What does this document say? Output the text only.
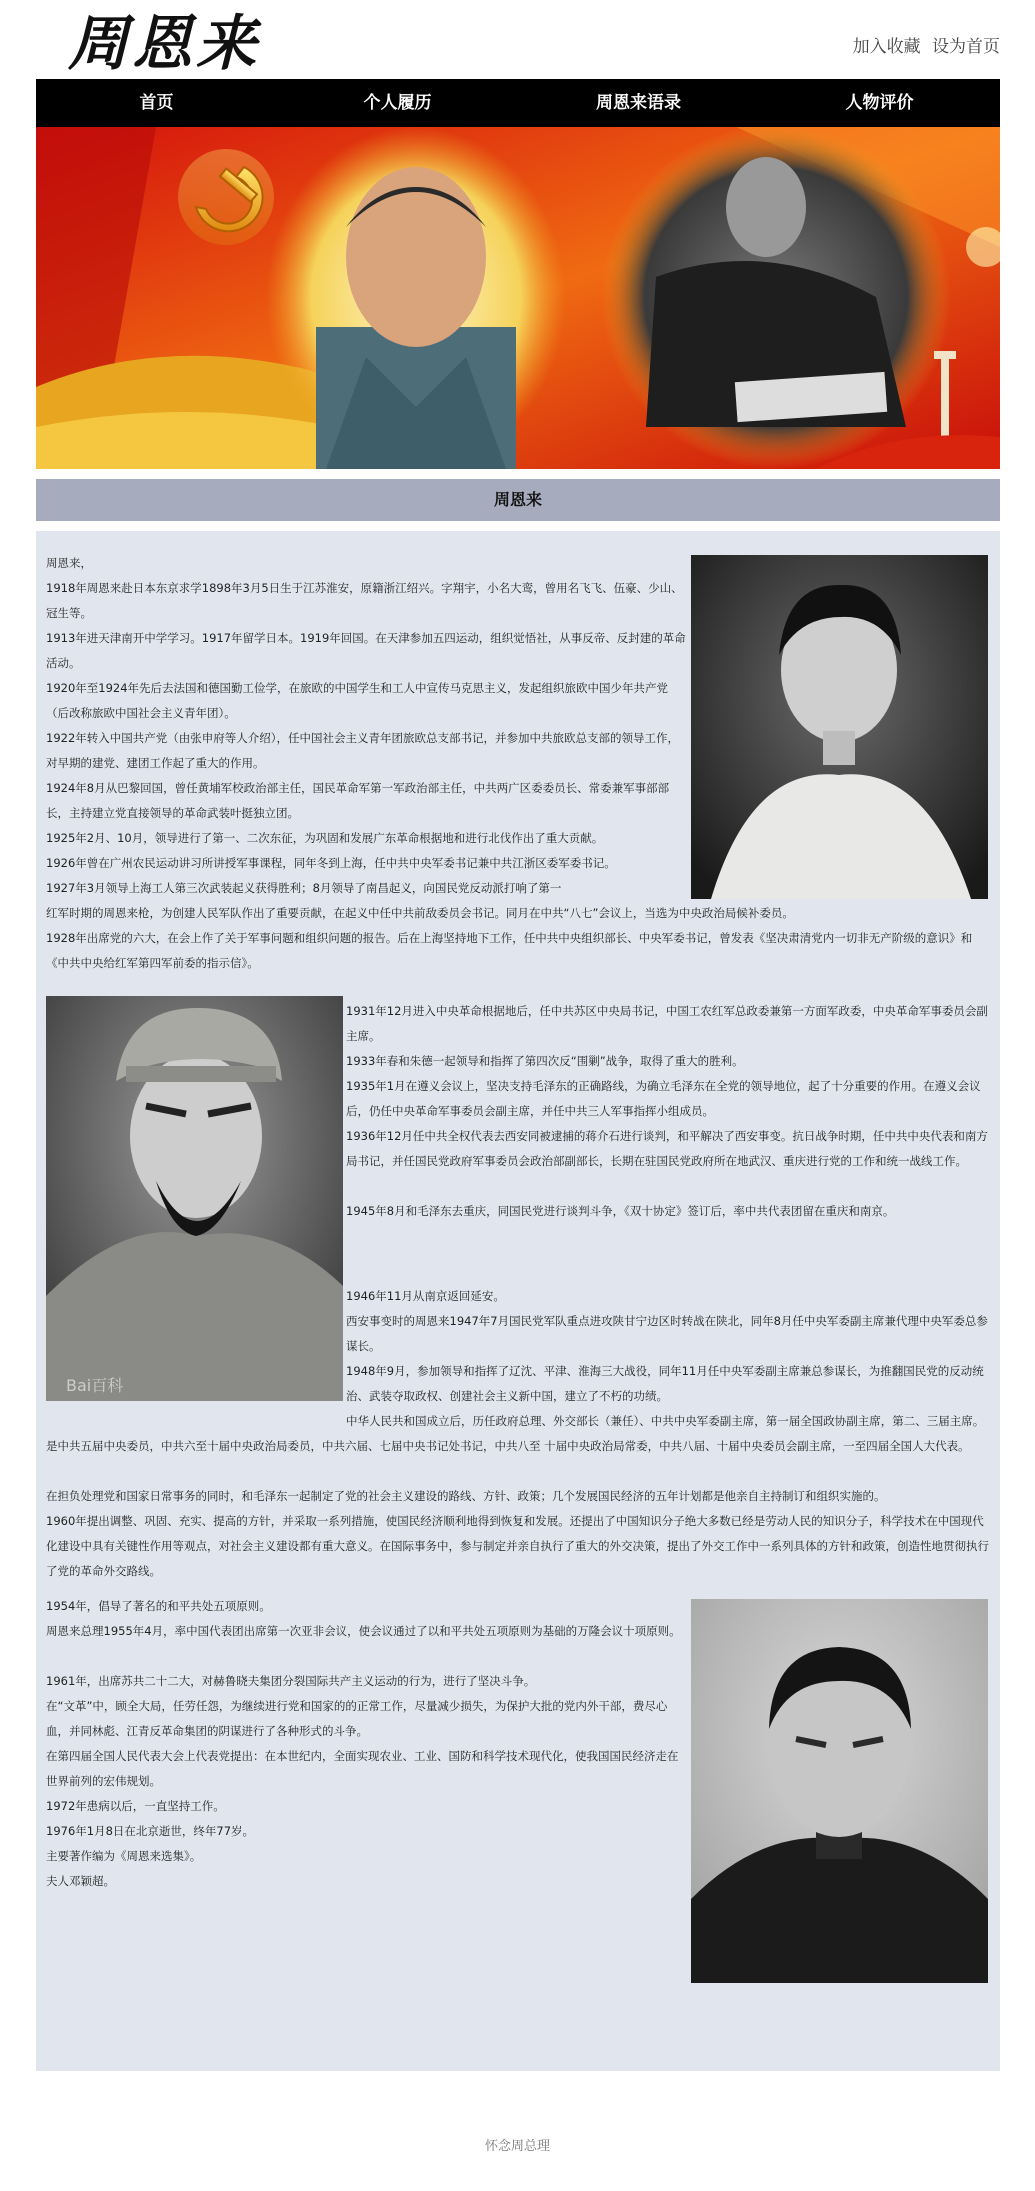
周恩来	加入收藏 设为首页
首页	个人履历	周恩来语录	人物评价
周恩来

周恩来，

1918年周恩来赴日本东京求学1898年3月5日生于江苏淮安，原籍浙江绍兴。字翔宇，小名大鸾，曾用名飞飞、伍豪、少山、冠生等。

1913年进天津南开中学学习。1917年留学日本。1919年回国。在天津参加五四运动，组织觉悟社，从事反帝、反封建的革命活动。

1920年至1924年先后去法国和德国勤工俭学，在旅欧的中国学生和工人中宣传马克思主义，发起组织旅欧中国少年共产党（后改称旅欧中国社会主义青年团）。

1922年转入中国共产党（由张申府等人介绍），任中国社会主义青年团旅欧总支部书记，并参加中共旅欧总支部的领导工作，对早期的建党、建团工作起了重大的作用。

1924年8月从巴黎回国，曾任黄埔军校政治部主任，国民革命军第一军政治部主任，中共两广区委委员长、常委兼军事部部长，主持建立党直接领导的革命武装叶挺独立团。

1925年2月、10月，领导进行了第一、二次东征，为巩固和发展广东革命根据地和进行北伐作出了重大贡献。

1926年曾在广州农民运动讲习所讲授军事课程，同年冬到上海，任中共中央军委书记兼中共江浙区委军委书记。

1927年3月领导上海工人第三次武装起义获得胜利；8月领导了南昌起义，向国民党反动派打响了第一

红军时期的周恩来枪，为创建人民军队作出了重要贡献，在起义中任中共前敌委员会书记。同月在中共“八七”会议上，当选为中央政治局候补委员。

1928年出席党的六大，在会上作了关于军事问题和组织问题的报告。后在上海坚持地下工作，任中共中央组织部长、中央军委书记，曾发表《坚决肃清党内一切非无产阶级的意识》和《中共中央给红军第四军前委的指示信》。

Bai百科

1931年12月进入中央革命根据地后，任中共苏区中央局书记，中国工农红军总政委兼第一方面军政委，中央革命军事委员会副主席。

1933年春和朱德一起领导和指挥了第四次反“围剿”战争，取得了重大的胜利。

1935年1月在遵义会议上，坚决支持毛泽东的正确路线，为确立毛泽东在全党的领导地位，起了十分重要的作用。在遵义会议后，仍任中央革命军事委员会副主席，并任中共三人军事指挥小组成员。

1936年12月任中共全权代表去西安同被逮捕的蒋介石进行谈判，和平解决了西安事变。抗日战争时期，任中共中央代表和南方局书记，并任国民党政府军事委员会政治部副部长，长期在驻国民党政府所在地武汉、重庆进行党的工作和统一战线工作。

1945年8月和毛泽东去重庆，同国民党进行谈判斗争，《双十协定》签订后，率中共代表团留在重庆和南京。

1946年11月从南京返回延安。

西安事变时的周恩来1947年7月国民党军队重点进攻陕甘宁边区时转战在陕北，同年8月任中央军委副主席兼代理中央军委总参谋长。

1948年9月，参加领导和指挥了辽沈、平津、淮海三大战役，同年11月任中央军委副主席兼总参谋长，为推翻国民党的反动统治、武装夺取政权、创建社会主义新中国，建立了不朽的功绩。

中华人民共和国成立后，历任政府总理、外交部长（兼任）、中共中央军委副主席，第一届全国政协副主席，第二、三届主席。是中共五届中央委员，中共六至十届中央政治局委员，中共六届、七届中央书记处书记，中共八至 十届中央政治局常委，中共八届、十届中央委员会副主席，一至四届全国人大代表。

在担负处理党和国家日常事务的同时，和毛泽东一起制定了党的社会主义建设的路线、方针、政策；几个发展国民经济的五年计划都是他亲自主持制订和组织实施的。

1960年提出调整、巩固、充实、提高的方针，并采取一系列措施，使国民经济顺利地得到恢复和发展。还提出了中国知识分子绝大多数已经是劳动人民的知识分子，科学技术在中国现代化建设中具有关键性作用等观点，对社会主义建设都有重大意义。在国际事务中，参与制定并亲自执行了重大的外交决策，提出了外交工作中一系列具体的方针和政策，创造性地贯彻执行了党的革命外交路线。

1954年，倡导了著名的和平共处五项原则。

周恩来总理1955年4月，率中国代表团出席第一次亚非会议，使会议通过了以和平共处五项原则为基础的万隆会议十项原则。

1961年，出席苏共二十二大，对赫鲁晓夫集团分裂国际共产主义运动的行为，进行了坚决斗争。

在“文革”中，顾全大局，任劳任怨，为继续进行党和国家的的正常工作，尽量减少损失，为保护大批的党内外干部，费尽心血，并同林彪、江青反革命集团的阴谋进行了各种形式的斗争。

在第四届全国人民代表大会上代表党提出：在本世纪内，全面实现农业、工业、国防和科学技术现代化，使我国国民经济走在世界前列的宏伟规划。

1972年患病以后，一直坚持工作。

1976年1月8日在北京逝世，终年77岁。

主要著作编为《周恩来选集》。

夫人邓颖超。

怀念周总理
